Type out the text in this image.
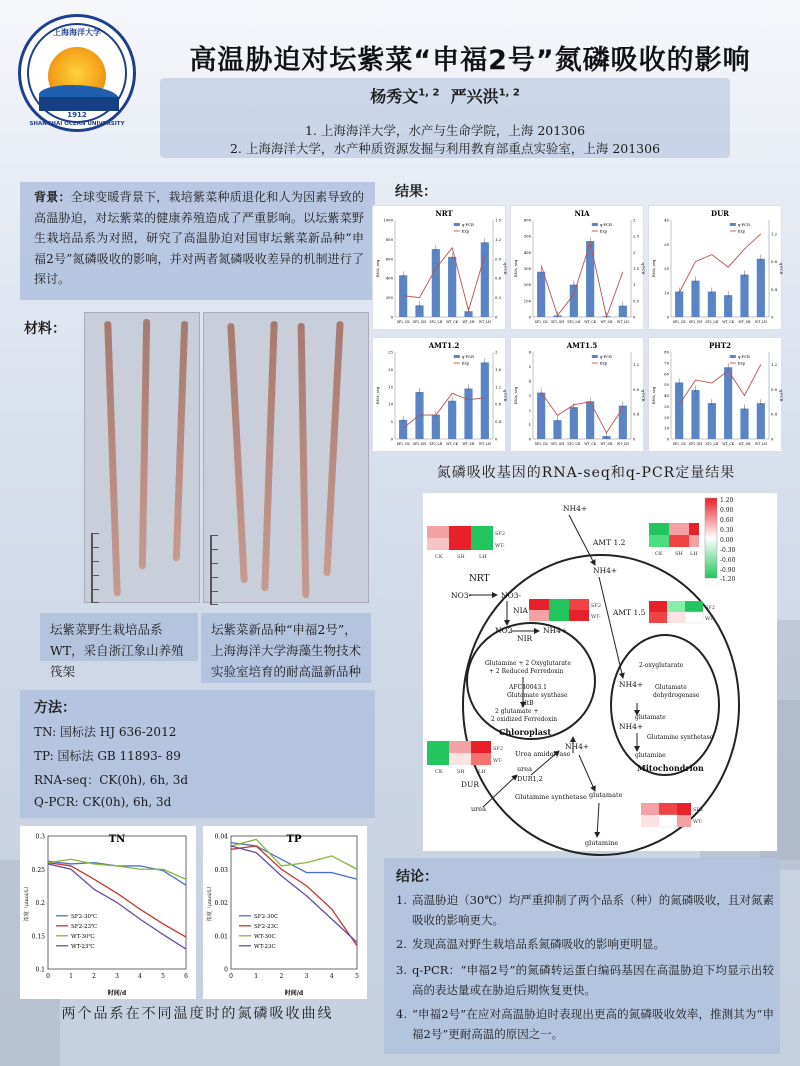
上海海洋大学
1912
SHANGHAI OCEAN UNIVERSITY
高温胁迫对坛紫菜“申福2号”氮磷吸收的影响
杨秀文$^{1, 2}$ 严兴洪$^{1, 2}$
1. 上海海洋大学，水产与生命学院，上海 201306
2. 上海海洋大学，水产种质资源发掘与利用教育部重点实验室，上海 201306
背景：全球变暖背景下，栽培紫菜种质退化和人为因素导致的高温胁迫，对坛紫菜的健康养殖造成了严重影响。以坛紫菜野生栽培品系为对照，研究了高温胁迫对国审坛紫菜新品种“申福2号”氮磷吸收的影响，并对两者氮磷吸收差异的机制进行了探讨。
材料：
坛紫菜野生栽培品系WT，采自浙江象山养殖筏架
坛紫菜新品种“申福2号”，上海海洋大学海藻生物技术实验室培育的耐高温新品种
方法：
TN: 国标法 HJ 636-2012
TP: 国标法 GB 11893- 89
RNA-seq：CK(0h), 6h, 3d
Q-PCR: CK(0h), 6h, 3d
TN
0.1
0.15
0.2
0.25
0.3
0	1	2	3	4	5	6
时间/d
浓度（μmol/L）	SF2-30℃
SF2-23℃
WT-30℃
WT-23℃
TP
0
0.01
0.02
0.03
0.04
0	1	2	3	4	5
时间/d
浓度（μmol/L）	SF2-30C
SF2-23C
WT-30C
WT-23C
两个品系在不同温度时的氮磷吸收曲线
结果：
NRT
0
200
400
600
800
1000
0
0.3
0.6
0.9
1.2
1.5
RNA_seq	q-PCR
SF2_CK SF2_SH SF2_LH WT_CK WT_SH WT_LH
q-PCR
Exp
NIA
0
100
200
300
400
500
600
0
0.5
1
1.5
2
2.5
3
RNA_seq	q-PCR
SF2_CK SF2_SH SF2_LH WT_CK WT_SH WT_LH
q-PCR
Exp
DUR
0
10
20
30
40
0
0.4
0.8
1.2
RNA_seq	q-PCR
SF2_CK SF2_SH SF2_LH WT_CK WT_SH WT_LH
q-PCR
Exp
AMT1.2
0
5
10
15
20
25
0
0.4
0.8
1.2
1.6
2
RNA_seq	q-PCR
SF2_CK SF2_SH SF2_LH WT_CK WT_SH WT_LH
q-PCR
Exp
AMT1.5
0
1
2
3
4
5
6
0
0.4
0.8
1.2
RNA_seq	q-PCR
SF2_CK SF2_SH SF2_LH WT_CK WT_SH WT_LH
q-PCR
Exp
PHT2
0
10
20
30
40
50
60
70
80
0
0.4
0.8
1.2
RNA_seq	q-PCR
SF2_CK SF2_SH SF2_LH WT_CK WT_SH WT_LH
q-PCR
Exp
氮磷吸收基因的RNA-seq和q-PCR定量结果
1.20
0.90
0.60
0.30
0.00
-0.30
-0.60
-0.90
-1.20
SF2
WT-
SF2
WT-
SF2
WT-
SF2
WT-
SF2
WT-
CK	SH	LH	CK SH LH
CK	SH	LH
NH4+
AMT 1.2
NH4+
NRT
NO3-	NO3-
NIA	AMT 1.5
NO2-
NIR
NH4+
Glutamine + 2 Oxyglutarate
+ 2 Reduced Ferredoxin
AFC40043.1
Glutamate synthase
gltB
2 glutamate +
2 oxidized Ferredoxin
Chloroplast
2-oxyglutarate
NH4+ Glutamate
dehydrogenase
glutamate
NH4+
Glutamine synthetase
glutamine
Mitochondrion
Urea amidolyase
NH4+
urea
DUR1,2
DUR
urea
Glutamine synthetase glutamate
glutamine
结论：
1. 高温胁迫（30℃）均严重抑制了两个品系（种）的氮磷吸收，且对氮素吸收的影响更大。
2. 发现高温对野生栽培品系氮磷吸收的影响更明显。
3. q-PCR：“申福2号”的氮磷转运蛋白编码基因在高温胁迫下均显示出较高的表达量或在胁迫后期恢复更快。
4. “申福2号”在应对高温胁迫时表现出更高的氮磷吸收效率，推测其为“申福2号”更耐高温的原因之一。
